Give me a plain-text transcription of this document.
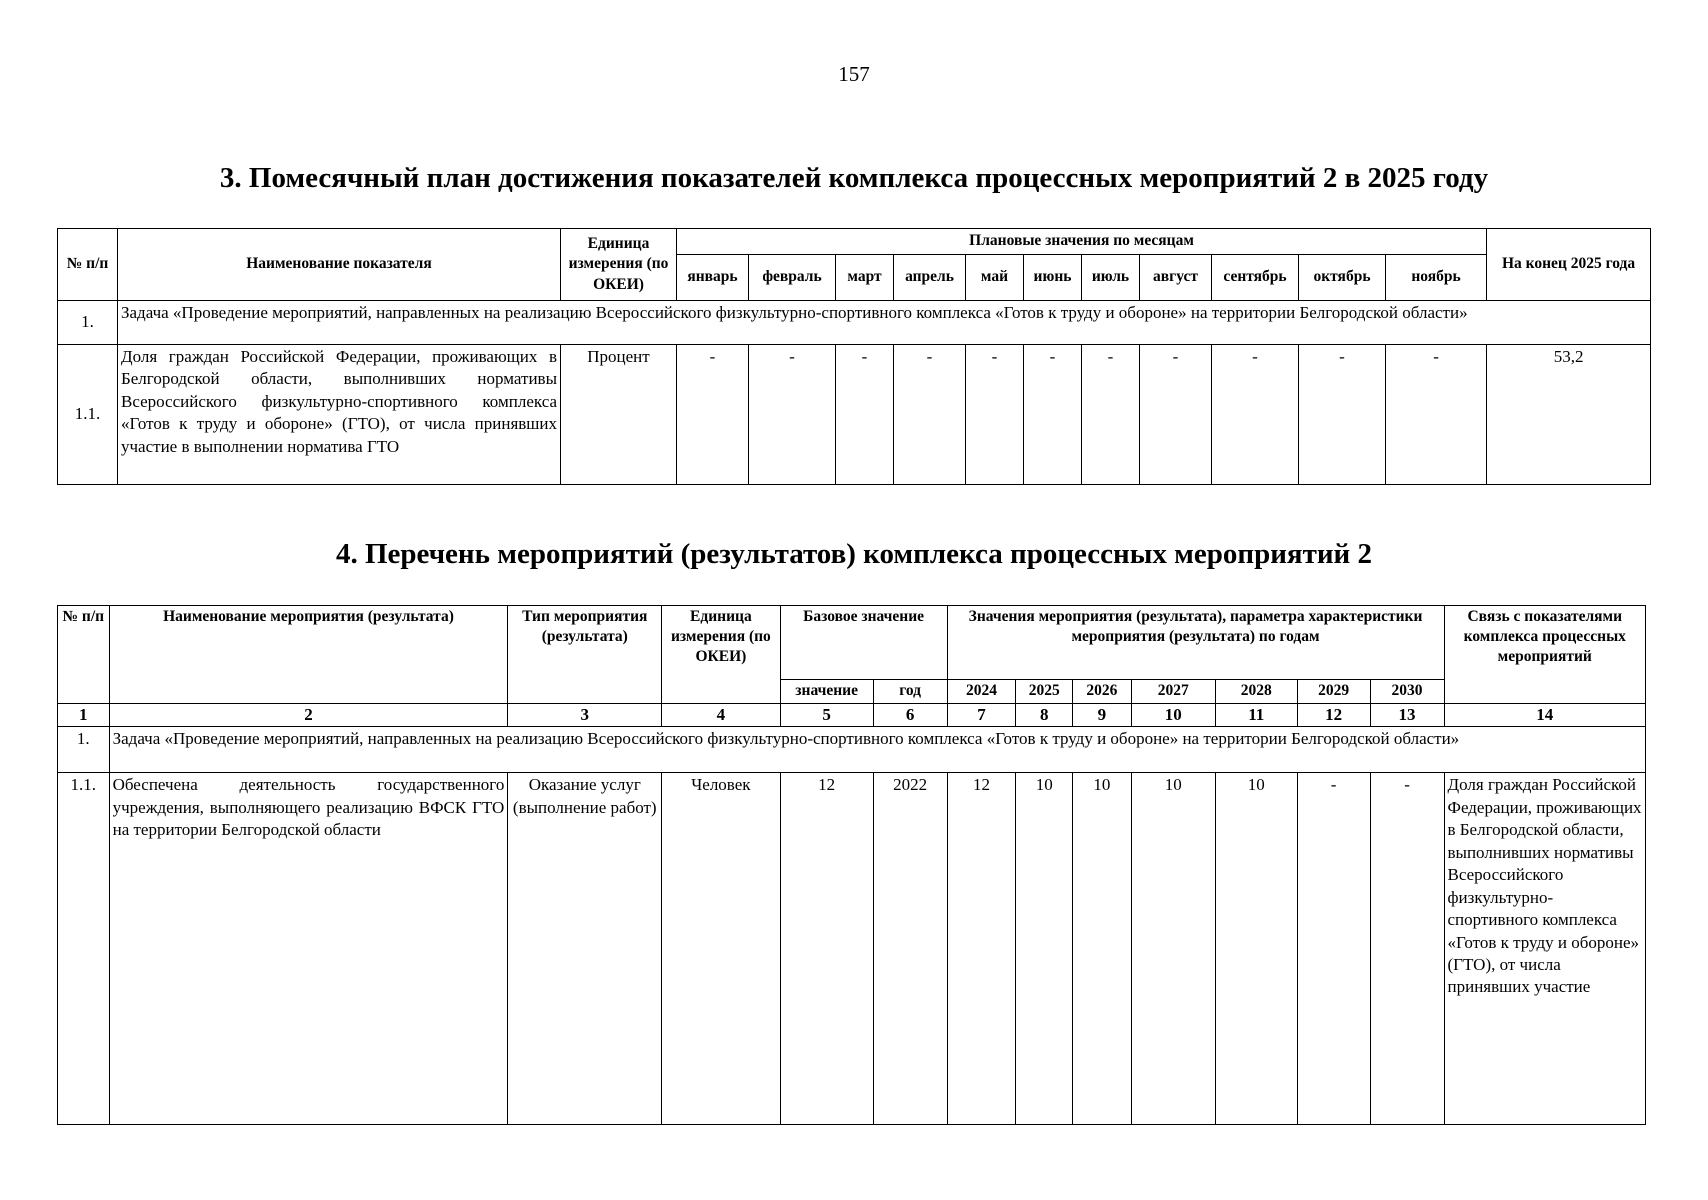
157
3. Помесячный план достижения показателей комплекса процессных мероприятий 2 в 2025 году
№ п/п	Наименование показателя	Единица измерения (по ОКЕИ)	Плановые значения по месяцам											На конец 2025 года
			январь	февраль	март	апрель	май	июнь	июль	август	сентябрь	октябрь	ноябрь	
1.	Задача «Проведение мероприятий, направленных на реализацию Всероссийского физкультурно-спортивного комплекса «Готов к труду и обороне» на территории Белгородской области»													
1.1.	Доля граждан Российской Федерации, проживающих в Белгородской области, выполнивших нормативы Всероссийского физкультурно-спортивного комплекса «Готов к труду и обороне» (ГТО), от числа принявших участие в выполнении норматива ГТО	Процент	-	-	-	-	-	-	-	-	-	-	-	53,2
4. Перечень мероприятий (результатов) комплекса процессных мероприятий 2
№ п/п	Наименование мероприятия (результата)	Тип мероприятия (результата)	Единица измерения (по ОКЕИ)	Базовое значение		Значения мероприятия (результата), параметра характеристики мероприятия (результата) по годам							Связь с показателями комплекса процессных мероприятий
				значение	год	2024	2025	2026	2027	2028	2029	2030	
1	2	3	4	5	6	7	8	9	10	11	12	13	14
1.	Задача «Проведение мероприятий, направленных на реализацию Всероссийского физкультурно-спортивного комплекса «Готов к труду и обороне» на территории Белгородской области»												
1.1.	Обеспечена деятельность государственного учреждения, выполняющего реализацию ВФСК ГТО на территории Белгородской области	Оказание услуг (выполнение работ)	Человек	12	2022	12	10	10	10	10	-	-	Доля граждан Российской Федерации, проживающих в Белгородской области, выполнивших нормативы Всероссийского физкультурно-спортивного комплекса «Готов к труду и обороне» (ГТО), от числа принявших участие
